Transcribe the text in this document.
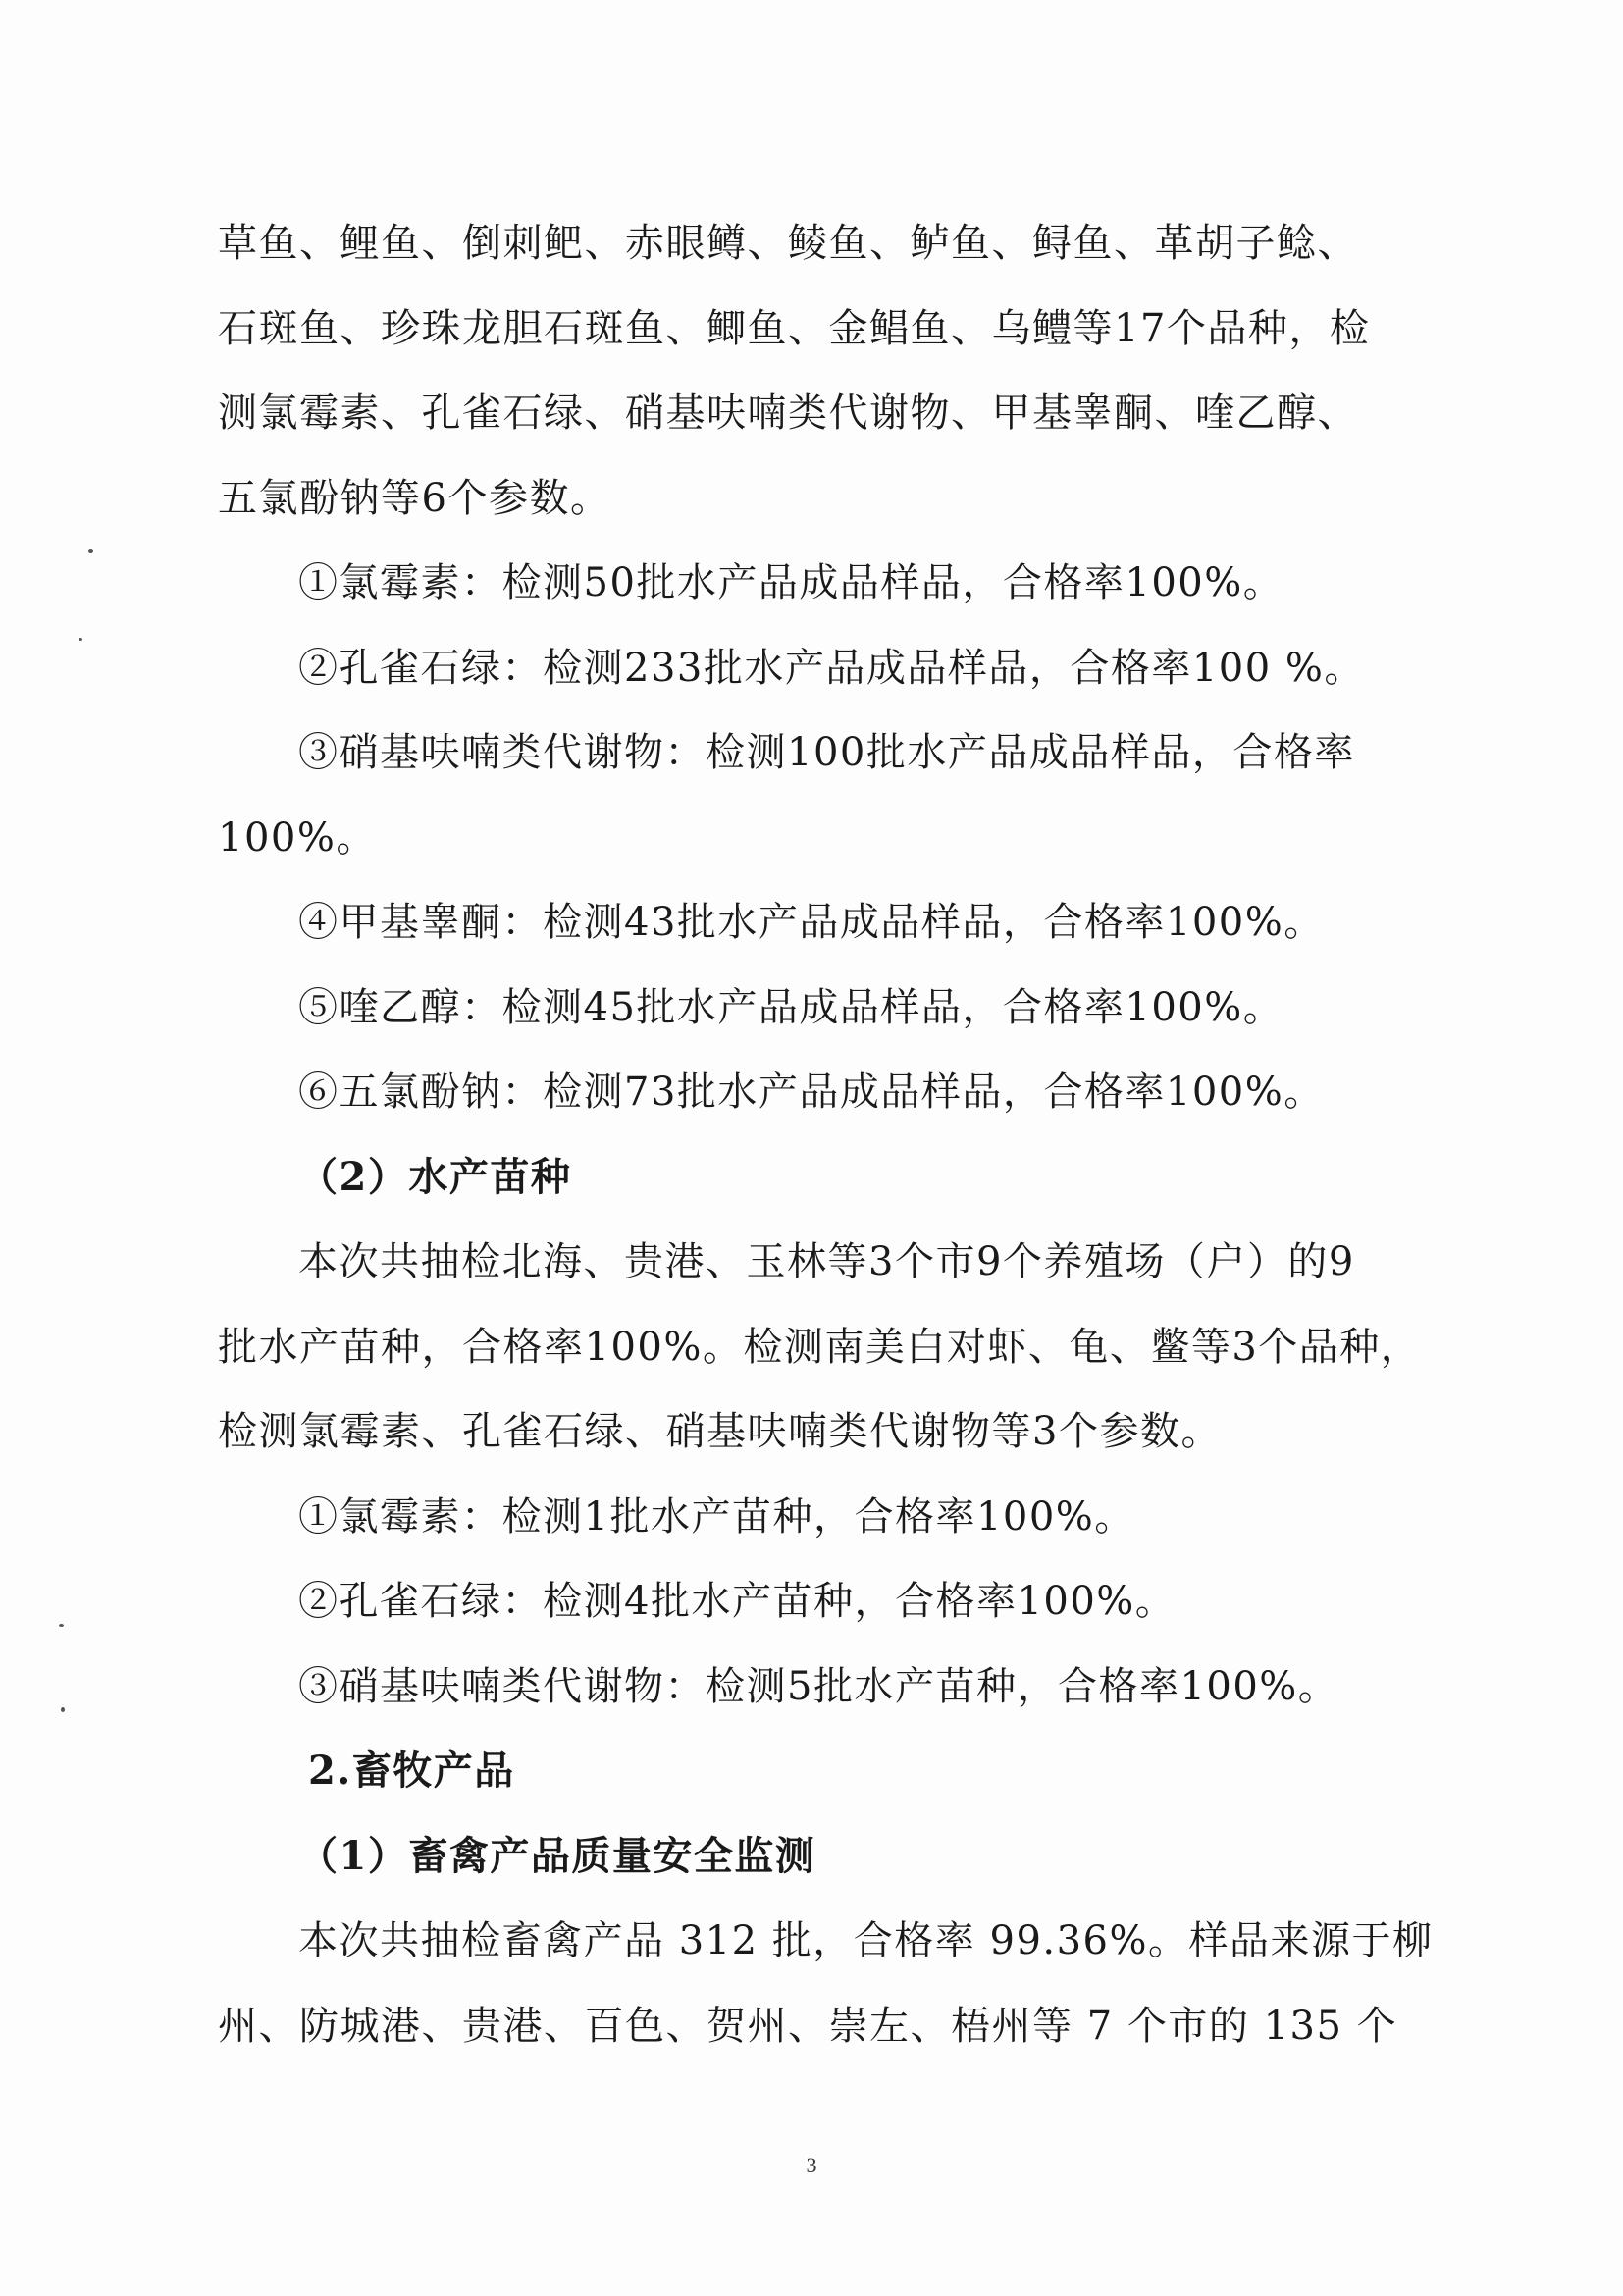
草鱼、鲤鱼、倒刺鲃、赤眼鳟、鲮鱼、鲈鱼、鲟鱼、革胡子鲶、
石斑鱼、珍珠龙胆石斑鱼、鲫鱼、金鲳鱼、乌鳢等17个品种，检
测氯霉素、孔雀石绿、硝基呋喃类代谢物、甲基睾酮、喹乙醇、
五氯酚钠等6个参数。
①氯霉素：检测50批水产品成品样品，合格率100%。
②孔雀石绿：检测233批水产品成品样品，合格率100 %。
③硝基呋喃类代谢物：检测100批水产品成品样品，合格率
100%。
④甲基睾酮：检测43批水产品成品样品，合格率100%。
⑤喹乙醇：检测45批水产品成品样品，合格率100%。
⑥五氯酚钠：检测73批水产品成品样品，合格率100%。
（2）水产苗种
本次共抽检北海、贵港、玉林等3个市9个养殖场（户）的9
批水产苗种，合格率100%。检测南美白对虾、龟、鳖等3个品种，
检测氯霉素、孔雀石绿、硝基呋喃类代谢物等3个参数。
①氯霉素：检测1批水产苗种，合格率100%。
②孔雀石绿：检测4批水产苗种，合格率100%。
③硝基呋喃类代谢物：检测5批水产苗种，合格率100%。
2.畜牧产品
（1）畜禽产品质量安全监测
本次共抽检畜禽产品 312 批，合格率 99.36%。样品来源于柳
州、防城港、贵港、百色、贺州、崇左、梧州等 7 个市的 135 个
3
